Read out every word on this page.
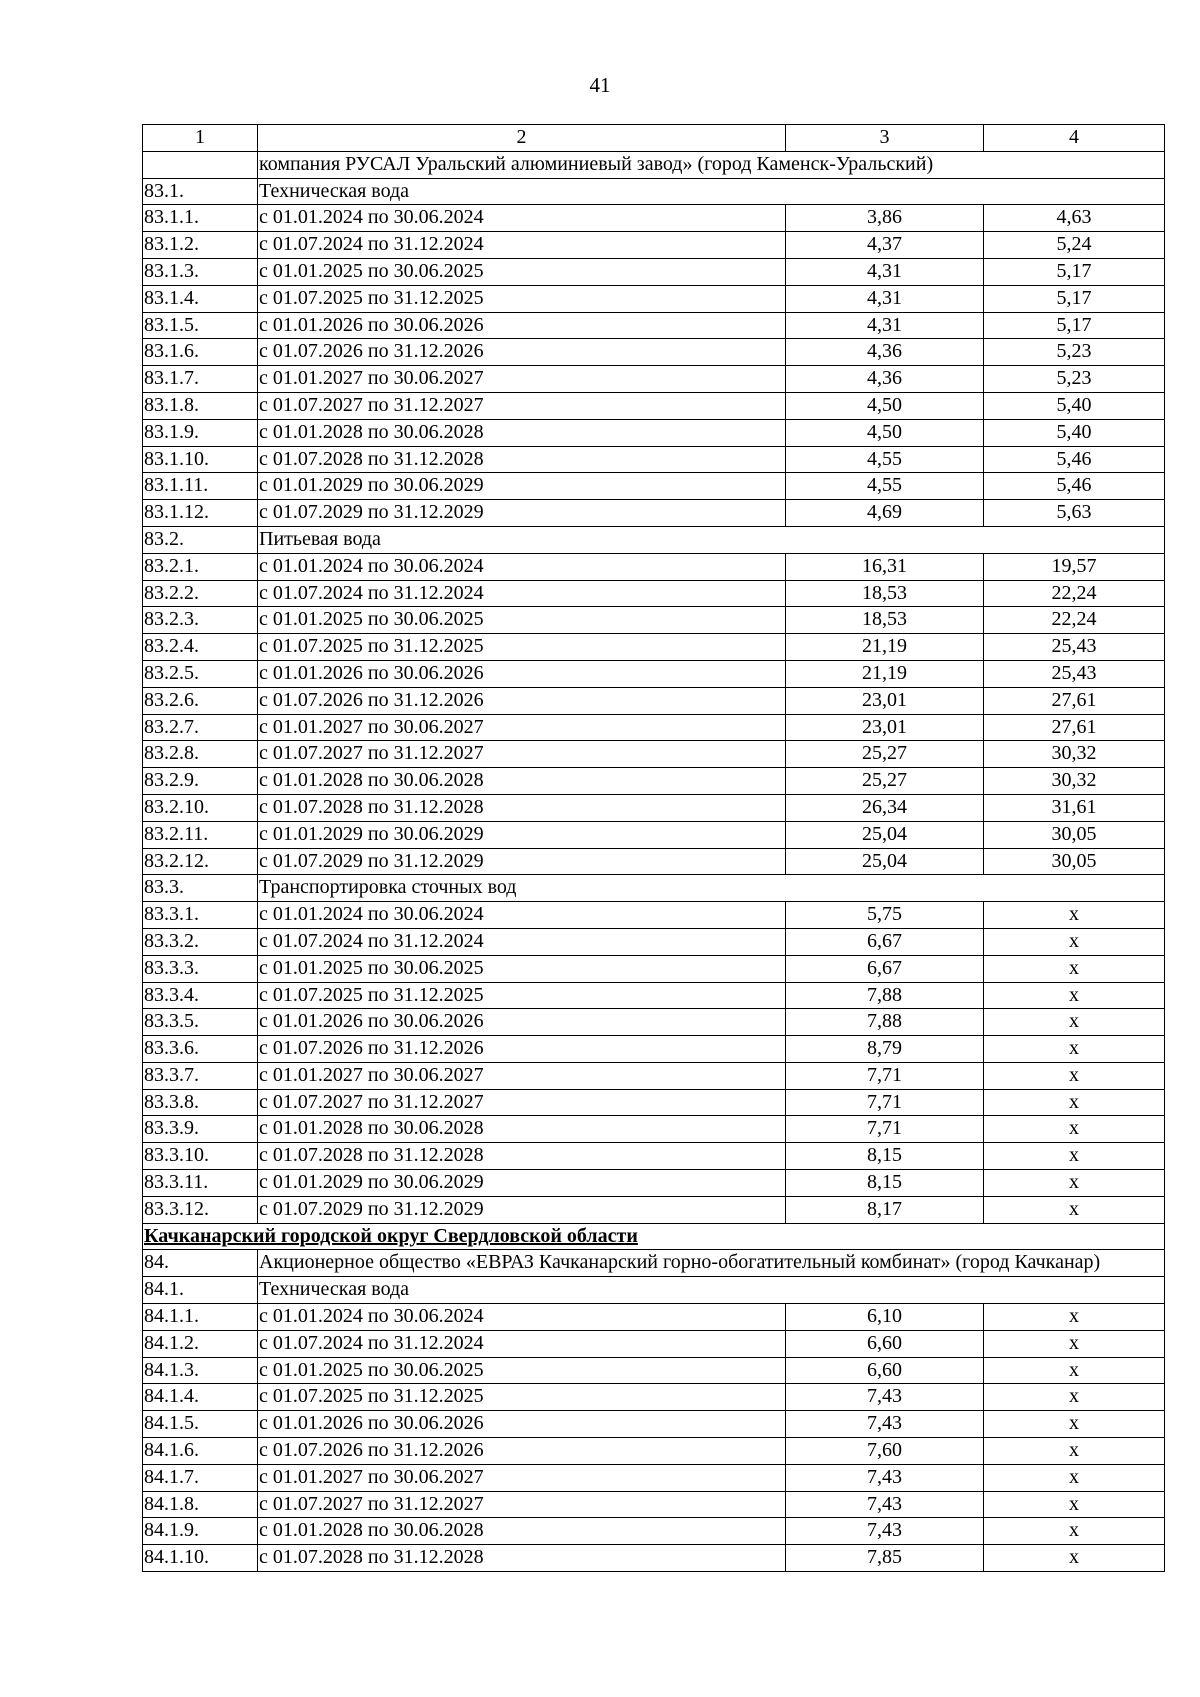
41
1	2	3	4
	компания РУСАЛ Уральский алюминиевый завод» (город Каменск-Уральский)		
83.1.	Техническая вода		
83.1.1.	с 01.01.2024 по 30.06.2024	3,86	4,63
83.1.2.	с 01.07.2024 по 31.12.2024	4,37	5,24
83.1.3.	с 01.01.2025 по 30.06.2025	4,31	5,17
83.1.4.	с 01.07.2025 по 31.12.2025	4,31	5,17
83.1.5.	с 01.01.2026 по 30.06.2026	4,31	5,17
83.1.6.	с 01.07.2026 по 31.12.2026	4,36	5,23
83.1.7.	с 01.01.2027 по 30.06.2027	4,36	5,23
83.1.8.	с 01.07.2027 по 31.12.2027	4,50	5,40
83.1.9.	с 01.01.2028 по 30.06.2028	4,50	5,40
83.1.10.	с 01.07.2028 по 31.12.2028	4,55	5,46
83.1.11.	с 01.01.2029 по 30.06.2029	4,55	5,46
83.1.12.	с 01.07.2029 по 31.12.2029	4,69	5,63
83.2.	Питьевая вода		
83.2.1.	с 01.01.2024 по 30.06.2024	16,31	19,57
83.2.2.	с 01.07.2024 по 31.12.2024	18,53	22,24
83.2.3.	с 01.01.2025 по 30.06.2025	18,53	22,24
83.2.4.	с 01.07.2025 по 31.12.2025	21,19	25,43
83.2.5.	с 01.01.2026 по 30.06.2026	21,19	25,43
83.2.6.	с 01.07.2026 по 31.12.2026	23,01	27,61
83.2.7.	с 01.01.2027 по 30.06.2027	23,01	27,61
83.2.8.	с 01.07.2027 по 31.12.2027	25,27	30,32
83.2.9.	с 01.01.2028 по 30.06.2028	25,27	30,32
83.2.10.	с 01.07.2028 по 31.12.2028	26,34	31,61
83.2.11.	с 01.01.2029 по 30.06.2029	25,04	30,05
83.2.12.	с 01.07.2029 по 31.12.2029	25,04	30,05
83.3.	Транспортировка сточных вод		
83.3.1.	с 01.01.2024 по 30.06.2024	5,75	х
83.3.2.	с 01.07.2024 по 31.12.2024	6,67	х
83.3.3.	с 01.01.2025 по 30.06.2025	6,67	х
83.3.4.	с 01.07.2025 по 31.12.2025	7,88	х
83.3.5.	с 01.01.2026 по 30.06.2026	7,88	х
83.3.6.	с 01.07.2026 по 31.12.2026	8,79	х
83.3.7.	с 01.01.2027 по 30.06.2027	7,71	х
83.3.8.	с 01.07.2027 по 31.12.2027	7,71	х
83.3.9.	с 01.01.2028 по 30.06.2028	7,71	х
83.3.10.	с 01.07.2028 по 31.12.2028	8,15	х
83.3.11.	с 01.01.2029 по 30.06.2029	8,15	х
83.3.12.	с 01.07.2029 по 31.12.2029	8,17	х
Качканарский городской округ Свердловской области			
84.	Акционерное общество «ЕВРАЗ Качканарский горно-обогатительный комбинат» (город Качканар)		
84.1.	Техническая вода		
84.1.1.	с 01.01.2024 по 30.06.2024	6,10	х
84.1.2.	с 01.07.2024 по 31.12.2024	6,60	х
84.1.3.	с 01.01.2025 по 30.06.2025	6,60	х
84.1.4.	с 01.07.2025 по 31.12.2025	7,43	х
84.1.5.	с 01.01.2026 по 30.06.2026	7,43	х
84.1.6.	с 01.07.2026 по 31.12.2026	7,60	х
84.1.7.	с 01.01.2027 по 30.06.2027	7,43	х
84.1.8.	с 01.07.2027 по 31.12.2027	7,43	х
84.1.9.	с 01.01.2028 по 30.06.2028	7,43	х
84.1.10.	с 01.07.2028 по 31.12.2028	7,85	х
